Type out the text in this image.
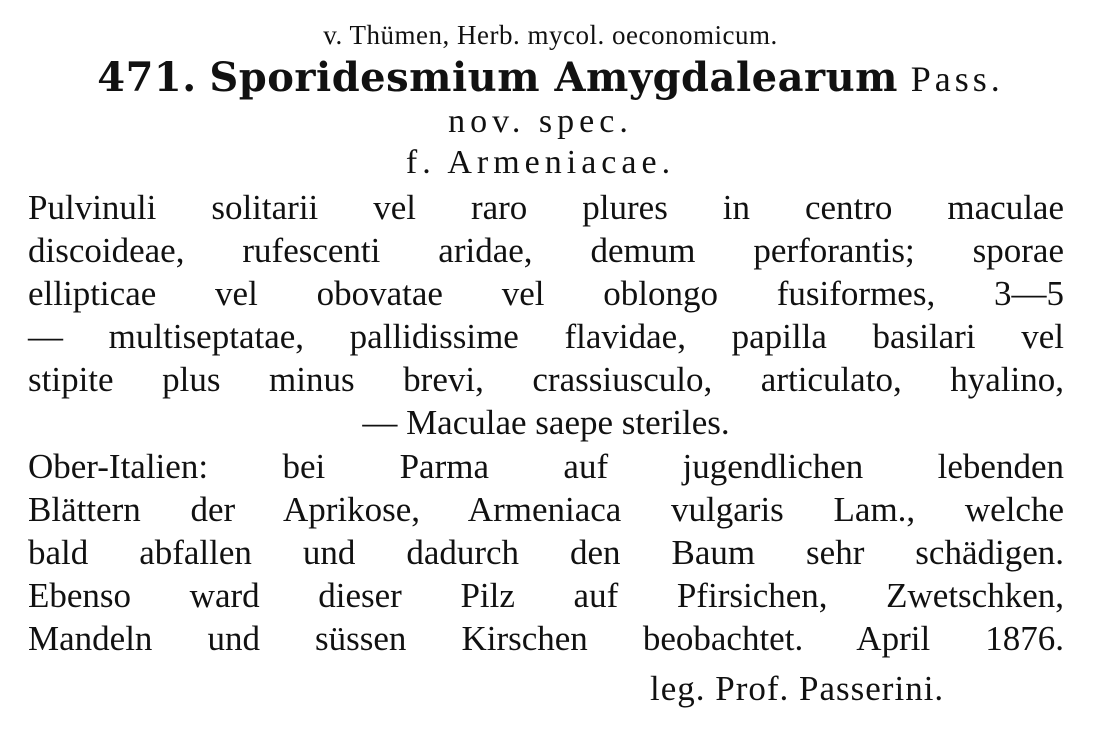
v. Thümen, Herb. mycol. oeconomicum.
471. Sporidesmium Amygdalearum Pass.
nov. spec.
f. Armeniacae.
Pulvinuli solitarii vel raro plures in centro maculae
discoideae, rufescenti aridae, demum perforantis; sporae
ellipticae vel obovatae vel oblongo fusiformes, 3—5
— multiseptatae, pallidissime flavidae, papilla basilari vel
stipite plus minus brevi, crassiusculo, articulato, hyalino,
— Maculae saepe steriles.
Ober-Italien: bei Parma auf jugendlichen lebenden
Blättern der Aprikose, Armeniaca vulgaris Lam., welche
bald abfallen und dadurch den Baum sehr schädigen.
Ebenso ward dieser Pilz auf Pfirsichen, Zwetschken,
Mandeln und süssen Kirschen beobachtet. April 1876.
leg. Prof. Passerini.
